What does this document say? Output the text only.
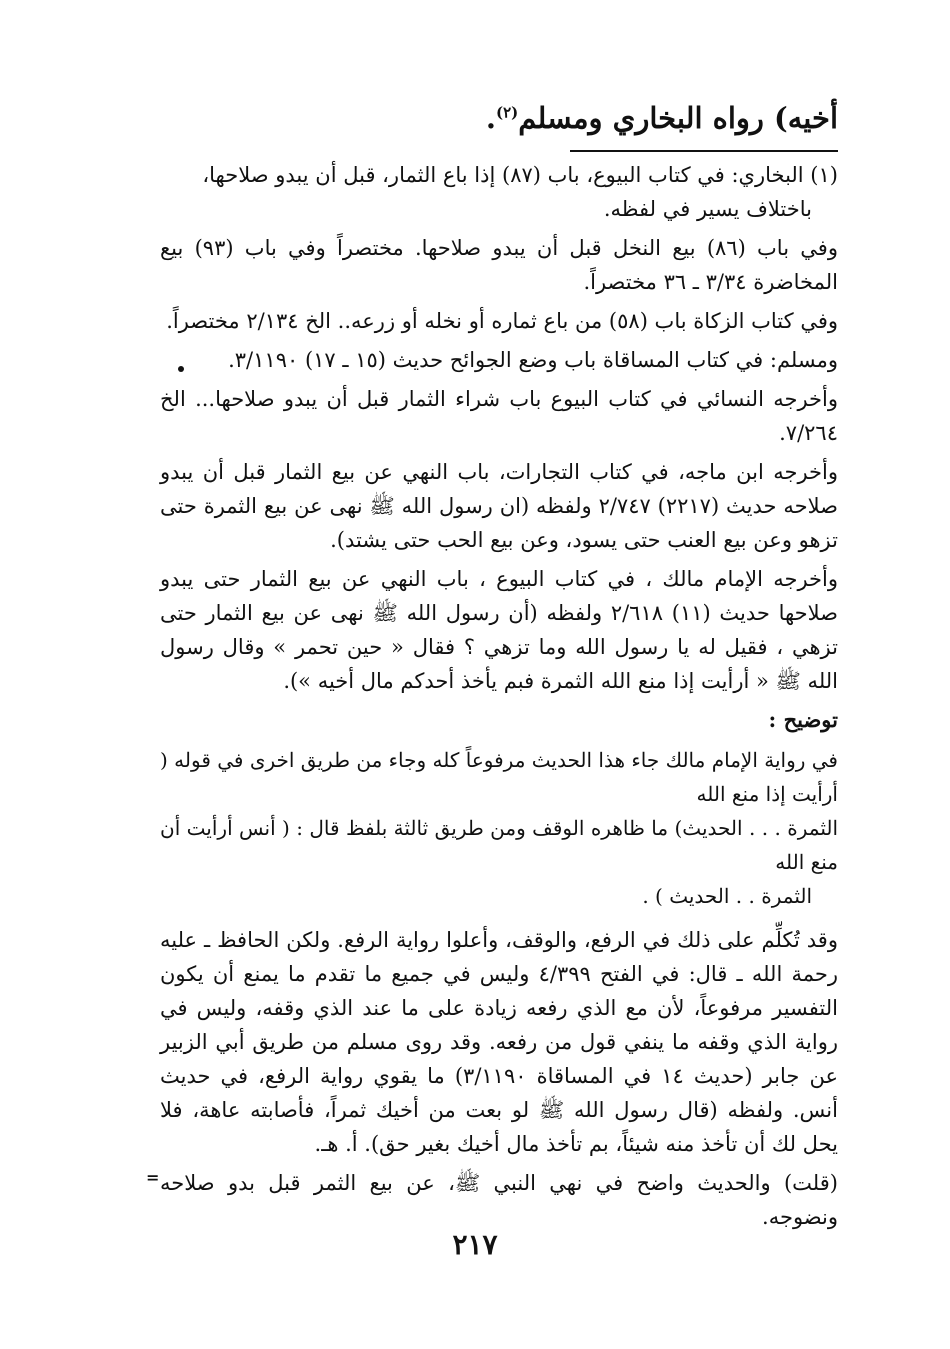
أخيه) رواه البخاري ومسلم$^{(٢)}$.

(١) البخاري: في كتاب البيوع، باب (٨٧) إذا باع الثمار، قبل أن يبدو صلاحها،

باختلاف يسير في لفظه.

وفي باب (٨٦) بيع النخل قبل أن يبدو صلاحها. مختصراً وفي باب (٩٣) بيع المخاضرة ٣/٣٤ ـ ٣٦ مختصراً.

وفي كتاب الزكاة باب (٥٨) من باع ثماره أو نخله أو زرعه.. الخ ٢/١٣٤ مختصراً.

ومسلم: في كتاب المساقاة باب وضع الجوائح حديث (١٥ ـ ١٧) ٣/١١٩٠.

وأخرجه النسائي في كتاب البيوع باب شراء الثمار قبل أن يبدو صلاحها... الخ ٧/٢٦٤.

وأخرجه ابن ماجه، في كتاب التجارات، باب النهي عن بيع الثمار قبل أن يبدو صلاحه حديث (٢٢١٧) ٢/٧٤٧ ولفظه (ان رسول الله ﷺ نهى عن بيع الثمرة حتى تزهو وعن بيع العنب حتى يسود، وعن بيع الحب حتى يشتد).

وأخرجه الإمام مالك ، في كتاب البيوع ، باب النهي عن بيع الثمار حتى يبدو صلاحها حديث (١١) ٢/٦١٨ ولفظه (أن رسول الله ﷺ نهى عن بيع الثمار حتى تزهي ، فقيل له يا رسول الله وما تزهي ؟ فقال « حين تحمر » وقال رسول الله ﷺ « أرأيت إذا منع الله الثمرة فبم يأخذ أحدكم مال أخيه »).

توضيح :

في رواية الإمام مالك جاء هذا الحديث مرفوعاً كله وجاء من طريق اخرى في قوله ( أرأيت إذا منع الله

الثمرة . . . الحديث) ما ظاهره الوقف ومن طريق ثالثة بلفظ قال : ( أنس أرأيت أن منع الله

الثمرة . . الحديث ) .

وقد تُكلِّم على ذلك في الرفع، والوقف، وأعلوا رواية الرفع. ولكن الحافظ ـ عليه رحمة الله ـ قال: في الفتح ٤/٣٩٩ وليس في جميع ما تقدم ما يمنع أن يكون التفسير مرفوعاً، لأن مع الذي رفعه زيادة على ما عند الذي وقفه، وليس في رواية الذي وقفه ما ينفي قول من رفعه. وقد روى مسلم من طريق أبي الزبير عن جابر (حديث ١٤ في المساقاة ٣/١١٩٠) ما يقوي رواية الرفع، في حديث أنس. ولفظه (قال رسول الله ﷺ لو بعت من أخيك ثمراً، فأصابته عاهة، فلا يحل لك أن تأخذ منه شيئاً، بم تأخذ مال أخيك بغير حق). أ. هـ.

(قلت) والحديث واضح في نهي النبي ﷺ، عن بيع الثمر قبل بدو صلاحه ونضوجه.

=
٢١٧
